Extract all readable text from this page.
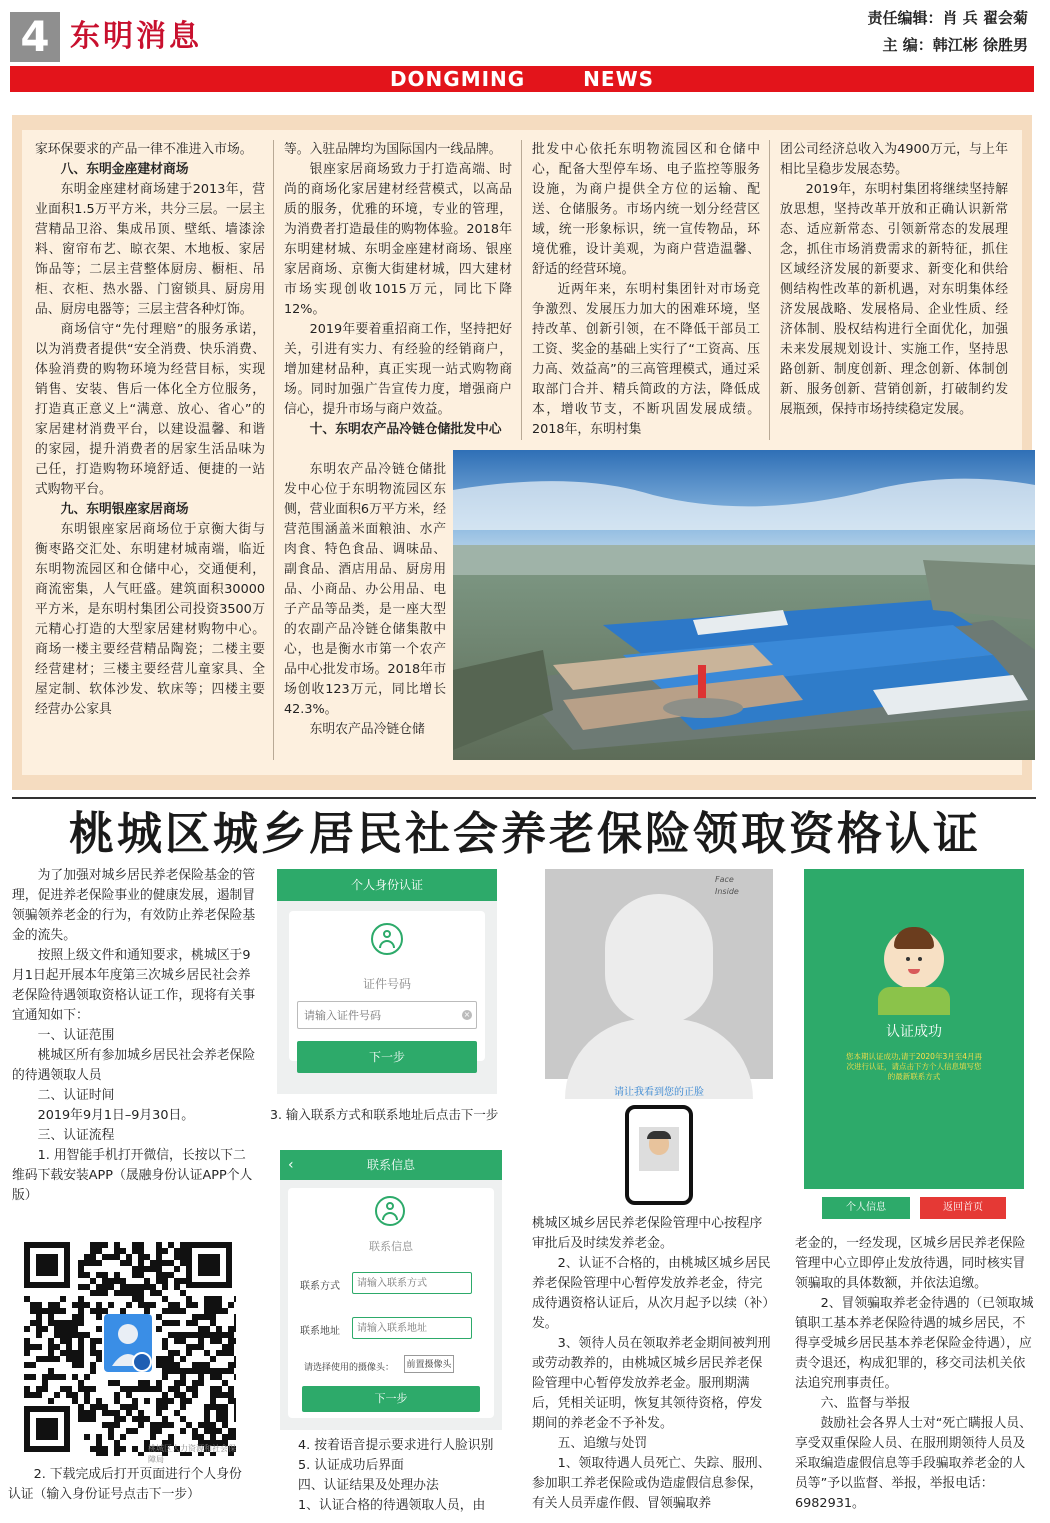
4 东明消息
责任编辑：肖 兵 翟会菊
主 编：韩江彬 徐胜男
DONGMING NEWS

家环保要求的产品一律不准进入市场。

八、东明金座建材商场

东明金座建材商场建于2013年，营业面积1.5万平方米，共分三层。一层主营精品卫浴、集成吊顶、壁纸、墙漆涂料、窗帘布艺、晾衣架、木地板、家居饰品等；二层主营整体厨房、橱柜、吊柜、衣柜、热水器、门窗锁具、厨房用品、厨房电器等；三层主营各种灯饰。

商场信守“先付理赔”的服务承诺，以为消费者提供“安全消费、快乐消费、体验消费的购物环境为经营目标，实现销售、安装、售后一体化全方位服务，打造真正意义上“满意、放心、省心”的家居建材消费平台，以建设温馨、和谐的家园，提升消费者的居家生活品味为己任，打造购物环境舒适、便捷的一站式购物平台。

九、东明银座家居商场

东明银座家居商场位于京衡大街与衡枣路交汇处、东明建材城南端，临近东明物流园区和仓储中心，交通便利，商流密集，人气旺盛。建筑面积30000平方米，是东明村集团公司投资3500万元精心打造的大型家居建材购物中心。商场一楼主要经营精品陶瓷；二楼主要经营建材；三楼主要经营儿童家具、全屋定制、软体沙发、软床等；四楼主要经营办公家具

等。入驻品牌均为国际国内一线品牌。

银座家居商场致力于打造高端、时尚的商场化家居建材经营模式，以高品质的服务，优雅的环境，专业的管理，为消费者打造最佳的购物体验。2018年东明建材城、东明金座建材商场、银座家居商场、京衡大街建材城，四大建材市场实现创收1015万元，同比下降12%。

2019年要着重招商工作，坚持把好关，引进有实力、有经验的经销商户，增加建材品种，真正实现一站式购物商场。同时加强广告宣传力度，增强商户信心，提升市场与商户效益。

十、东明农产品冷链仓储批发中心

东明农产品冷链仓储批发中心位于东明物流园区东侧，营业面积6万平方米，经营范围涵盖米面粮油、水产肉食、特色食品、调味品、副食品、酒店用品、厨房用品、小商品、办公用品、电子产品等品类，是一座大型的农副产品冷链仓储集散中心，也是衡水市第一个农产品中心批发市场。2018年市场创收123万元，同比增长42.3%。

东明农产品冷链仓储

批发中心依托东明物流园区和仓储中心，配备大型停车场、电子监控等服务设施，为商户提供全方位的运输、配送、仓储服务。市场内统一划分经营区域，统一形象标识，统一宣传物品，环境优雅，设计美观，为商户营造温馨、舒适的经营环境。

近两年来，东明村集团针对市场竞争激烈、发展压力加大的困难环境，坚持改革、创新引领，在不降低干部员工工资、奖金的基础上实行了“工资高、压力高、效益高”的三高管理模式，通过采取部门合并、精兵简政的方法，降低成本，增收节支，不断巩固发展成绩。2018年，东明村集

团公司经济总收入为4900万元，与上年相比呈稳步发展态势。

2019年，东明村集团将继续坚持解放思想，坚持改革开放和正确认识新常态、适应新常态、引领新常态的发展理念，抓住市场消费需求的新特征，抓住区域经济发展的新要求、新变化和供给侧结构性改革的新机遇，对东明集体经济发展战略、发展格局、企业性质、经济体制、股权结构进行全面优化，加强未来发展规划设计、实施工作，坚持思路创新、制度创新、理念创新、体制创新、服务创新、营销创新，打破制约发展瓶颈，保持市场持续稳定发展。

桃城区城乡居民社会养老保险领取资格认证

为了加强对城乡居民养老保险基金的管理，促进养老保险事业的健康发展，遏制冒领骗领养老金的行为，有效防止养老保险基金的流失。

按照上级文件和通知要求，桃城区于9月1日起开展本年度第三次城乡居民社会养老保险待遇领取资格认证工作，现将有关事宜通知如下：

一、认证范围

桃城区所有参加城乡居民社会养老保险的待遇领取人员

二、认证时间

2019年9月1日–9月30日。

三、认证流程

1. 用智能手机打开微信，长按以下二维码下载安装APP（晟融身份认证APP个人版）

桃城区人力资源和社会保障局

2. 下载完成后打开页面进行个人身份认证（输入身份证号点击下一步）

个人身份认证
证件号码
请输入证件号码
×
下一步
3. 输入联系方式和联系地址后点击下一步
联系信息
‹
联系信息
联系方式
请输入联系方式
联系地址
请输入联系地址
请选择使用的摄像头： 前置摄像头
下一步

4. 按着语音提示要求进行人脸识别

5. 认证成功后界面

四、认证结果及处理办法

1、认证合格的待遇领取人员，由

Face
Inside
请让我看到您的正脸

桃城区城乡居民养老保险管理中心按程序审批后及时续发养老金。

2、认证不合格的，由桃城区城乡居民养老保险管理中心暂停发放养老金，待完成待遇资格认证后，从次月起予以续（补）发。

3、领待人员在领取养老金期间被判刑或劳动教养的，由桃城区城乡居民养老保险管理中心暂停发放养老金。服刑期满后，凭相关证明，恢复其领待资格，停发期间的养老金不予补发。

五、追缴与处罚

1、领取待遇人员死亡、失踪、服刑、参加职工养老保险或伪造虚假信息参保，有关人员弄虚作假、冒领骗取养

认证成功
您本期认证成功,请于2020年3月至4月再次进行认证，请点击下方个人信息填写您的最新联系方式
个人信息	返回首页

老金的，一经发现，区城乡居民养老保险管理中心立即停止发放待遇，同时核实冒领骗取的具体数额，并依法追缴。

2、冒领骗取养老金待遇的（已领取城镇职工基本养老保险待遇的城乡居民，不得享受城乡居民基本养老保险金待遇），应责令退还，构成犯罪的，移交司法机关依法追究刑事责任。

六、监督与举报

鼓励社会各界人士对“死亡瞒报人员、享受双重保险人员、在服刑期领待人员及采取编造虚假信息等手段骗取养老金的人员等”予以监督、举报，举报电话：6982931。
